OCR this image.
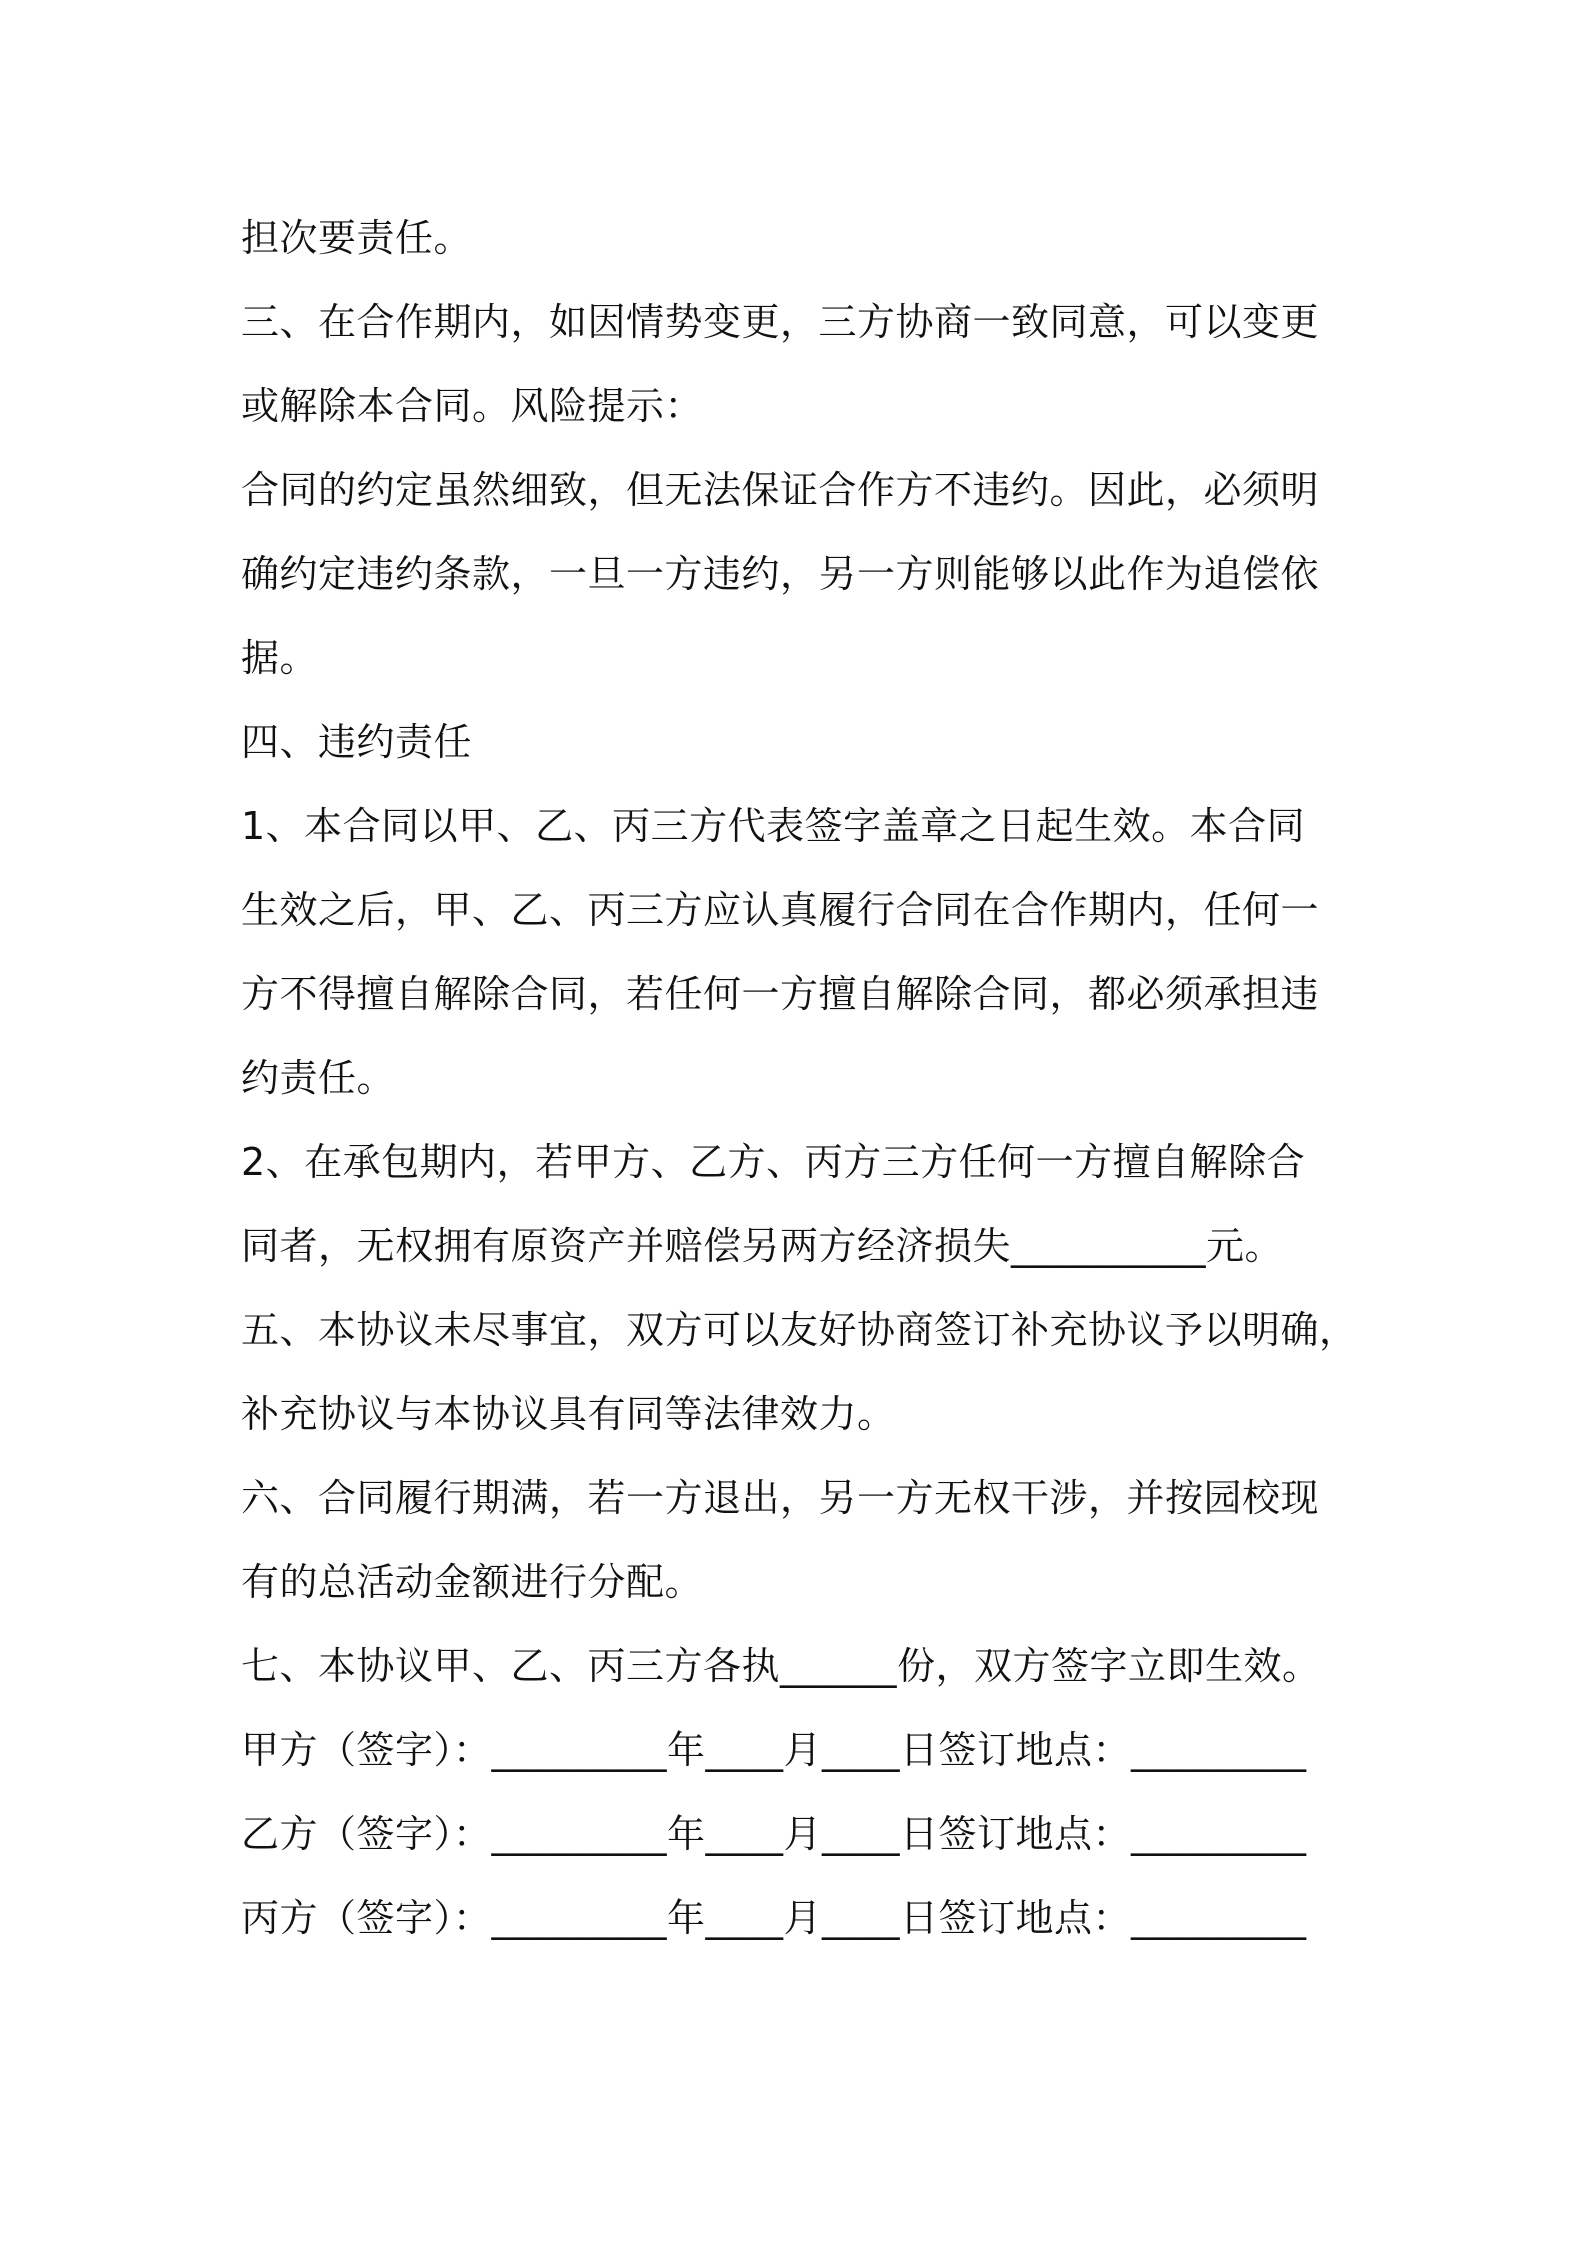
担次要责任。
三、在合作期内，如因情势变更，三方协商一致同意，可以变更
或解除本合同。风险提示：
合同的约定虽然细致，但无法保证合作方不违约。因此，必须明
确约定违约条款，一旦一方违约，另一方则能够以此作为追偿依
据。
四、违约责任
1、本合同以甲、乙、丙三方代表签字盖章之日起生效。本合同
生效之后，甲、乙、丙三方应认真履行合同在合作期内，任何一
方不得擅自解除合同，若任何一方擅自解除合同，都必须承担违
约责任。
2、在承包期内，若甲方、乙方、丙方三方任何一方擅自解除合
同者，无权拥有原资产并赔偿另两方经济损失__________元。
五、本协议未尽事宜，双方可以友好协商签订补充协议予以明确，
补充协议与本协议具有同等法律效力。
六、合同履行期满，若一方退出，另一方无权干涉，并按园校现
有的总活动金额进行分配。
七、本协议甲、乙、丙三方各执______份，双方签字立即生效。
甲方（签字）：_________年____月____日签订地点：_________
乙方（签字）：_________年____月____日签订地点：_________
丙方（签字）：_________年____月____日签订地点：_________
